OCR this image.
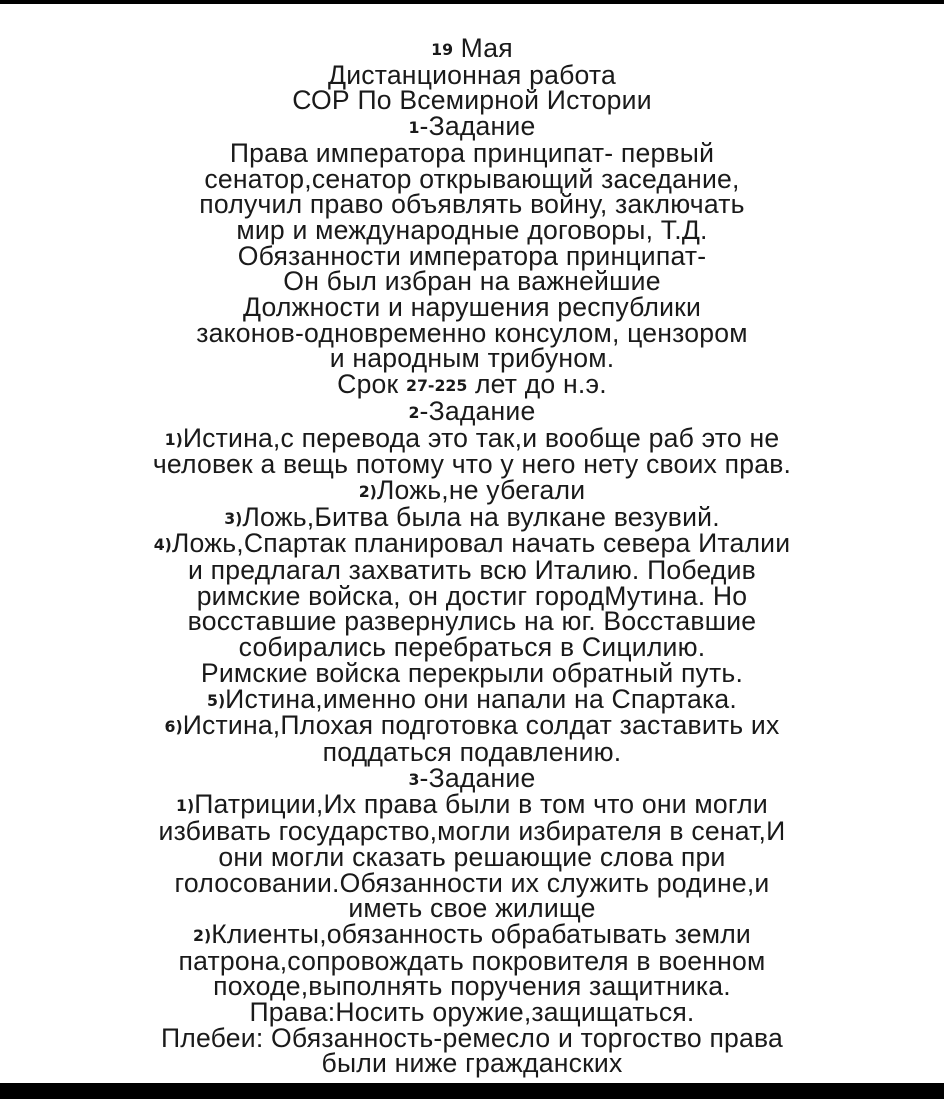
19 Мая
Дистанционная работа
СОР По Всемирной Истории
1-Задание
Права императора принципат- первый
сенатор,сенатор открывающий заседание,
получил право объявлять войну, заключать
мир и международные договоры, Т.Д.
Обязанности императора принципат-
Он был избран на важнейшие
Должности и нарушения республики
законов-одновременно консулом, цензором
и народным трибуном.
Срок 27-225 лет до н.э.
2-Задание
1)Истина,с перевода это так,и вообще раб это не
человек а вещь потому что у него нету своих прав.
2)Ложь,не убегали
3)Ложь,Битва была на вулкане везувий.
4)Ложь,Спартак планировал начать севера Италии
и предлагал захватить всю Италию. Победив
римские войска, он достиг городМутина. Но
восставшие развернулись на юг. Восставшие
собирались перебраться в Сицилию.
Римские войска перекрыли обратный путь.
5)Истина,именно они напали на Спартака.
6)Истина,Плохая подготовка солдат заставить их
поддаться подавлению.
3-Задание
1)Патриции,Их права были в том что они могли
избивать государство,могли избирателя в сенат,И
они могли сказать решающие слова при
голосовании.Обязанности их служить родине,и
иметь свое жилище
2)Клиенты,обязанность обрабатывать земли
патрона,сопровождать покровителя в военном
походе,выполнять поручения защитника.
Права:Носить оружие,защищаться.
Плебеи: Обязанность-ремесло и торгоство права
были ниже гражданских
